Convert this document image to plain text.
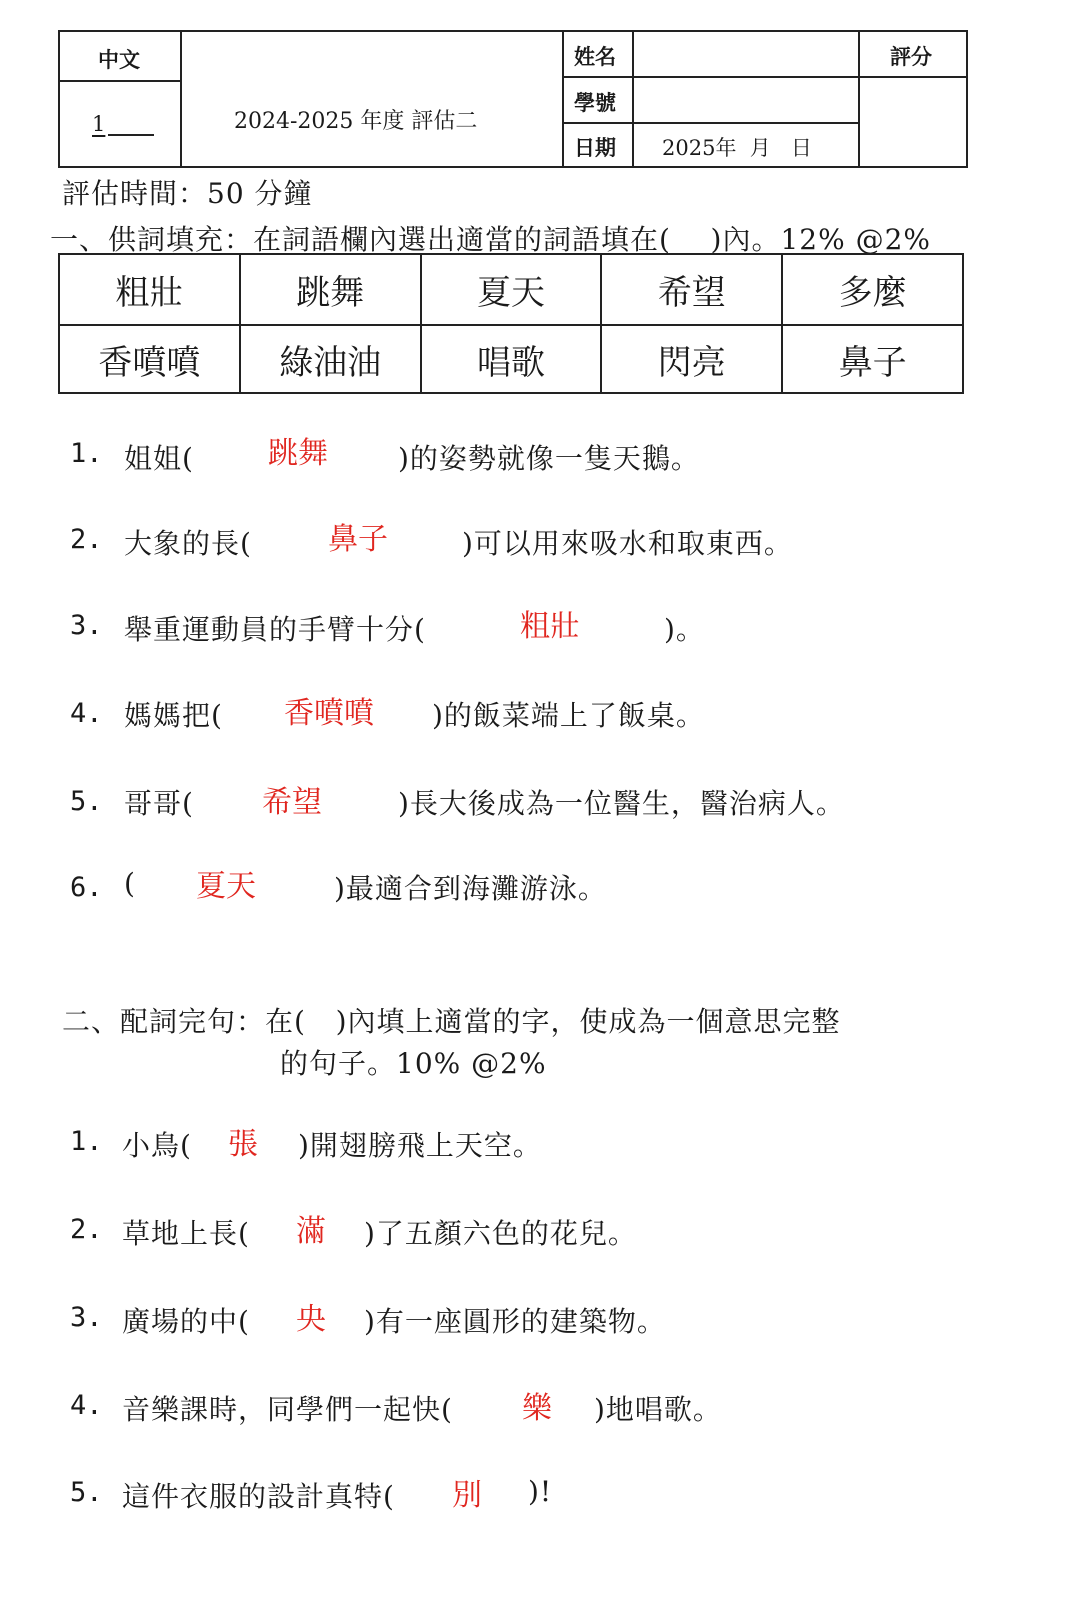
中文
1	2024-2025 年度 評估二
姓名
學號
日期 2025年  月   日
評分
評估時間：50 分鐘
一、供詞填充：在詞語欄內選出適當的詞語填在(    )內。12% @2%
粗壯	跳舞	夏天	希望	多麼
香噴噴	綠油油	唱歌	閃亮	鼻子
1. 姐姐( 跳舞	)的姿勢就像一隻天鵝。
2. 大象的長(	鼻子	)可以用來吸水和取東西。
3. 舉重運動員的手臂十分(	粗壯	)。
4. 媽媽把( 香噴噴 )的飯菜端上了飯桌。
5. 哥哥( 希望	)長大後成為一位醫生，醫治病人。
6. ( 夏天	)最適合到海灘游泳。
二、配詞完句：在(   )內填上適當的字，使成為一個意思完整
的句子。10% @2%
1. 小鳥( 張 )開翅膀飛上天空。
2. 草地上長( 滿 )了五顏六色的花兒。
3. 廣場的中( 央 )有一座圓形的建築物。
4. 音樂課時，同學們一起快( 樂 )地唱歌。
5. 這件衣服的設計真特( 別 )!
